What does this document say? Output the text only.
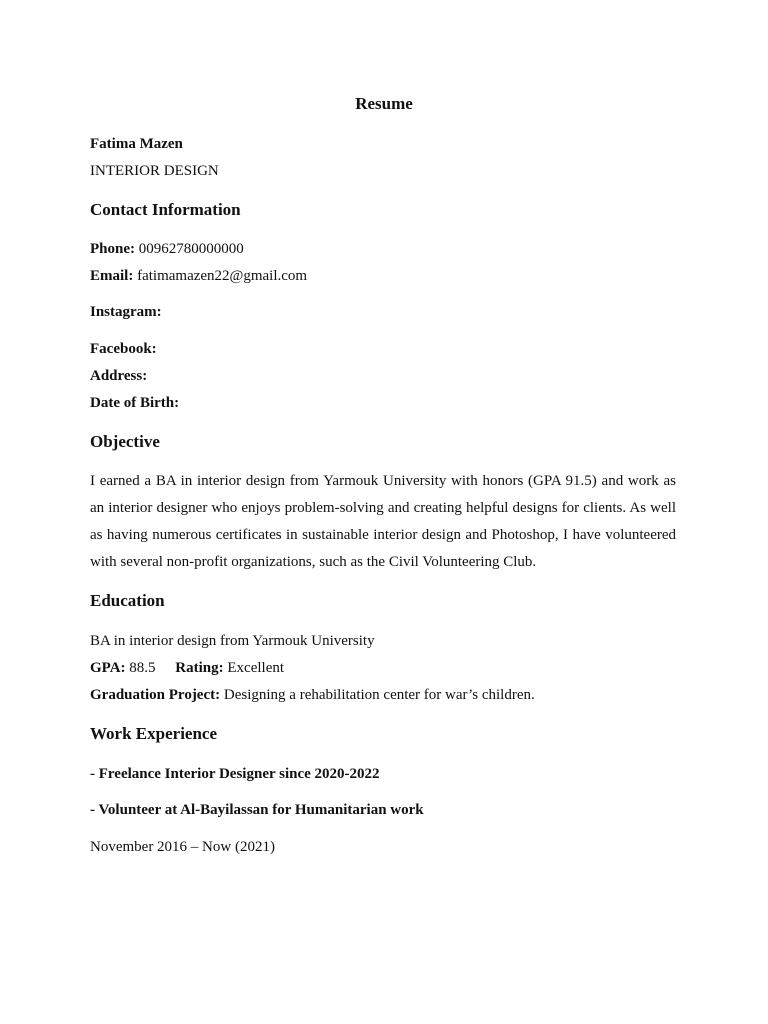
Resume
Fatima Mazen
INTERIOR DESIGN
Contact Information
Phone: 00962780000000
Email: fatimamazen22@gmail.com
Instagram:
Facebook:
Address:
Date of Birth:
Objective
I earned a BA in interior design from Yarmouk University with honors (GPA 91.5) and work as an interior designer who enjoys problem-solving and creating helpful designs for clients. As well as having numerous certificates in sustainable interior design and Photoshop, I have volunteered with several non-profit organizations, such as the Civil Volunteering Club.
Education
BA in interior design from Yarmouk University
GPA: 88.5 Rating: Excellent
Graduation Project: Designing a rehabilitation center for war’s children.
Work Experience
- Freelance Interior Designer since 2020-2022
- Volunteer at Al-Bayilassan for Humanitarian work
November 2016 – Now (2021)
